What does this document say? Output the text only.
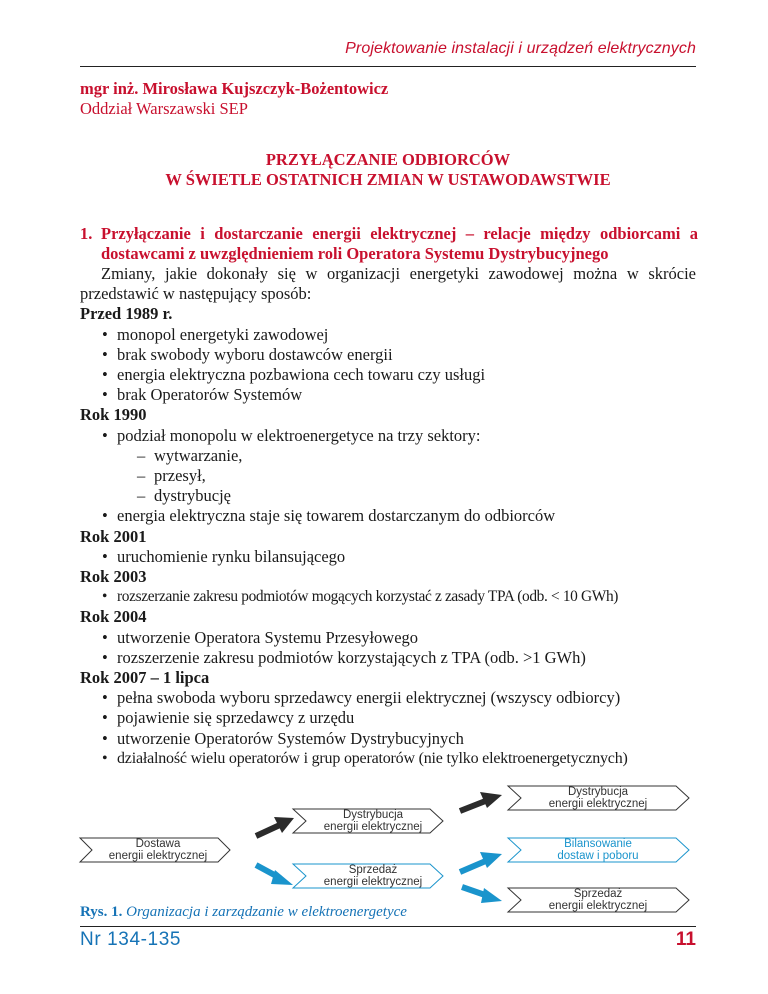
Projektowanie instalacji i urządzeń elektrycznych
mgr inż. Mirosława Kujszczyk-Bożentowicz
Oddział Warszawski SEP
PRZYŁĄCZANIE ODBIORCÓW
W ŚWIETLE OSTATNICH ZMIAN W USTAWODAWSTWIE
1. Przyłączanie i dostarczanie energii elektrycznej – relacje między odbiorcami a dostawcami z uwzględnieniem roli Operatora Systemu Dystrybucyjnego

Zmiany, jakie dokonały się w organizacji energetyki zawodowej można w skrócie przedstawić w następujący sposób:

Przed 1989 r.

• monopol energetyki zawodowej
• brak swobody wyboru dostawców energii
• energia elektryczna pozbawiona cech towaru czy usługi
• brak Operatorów Systemów

Rok 1990

• podział monopolu w elektroenergetyce na trzy sektory:
– wytwarzanie,
– przesył,
– dystrybucję
• energia elektryczna staje się towarem dostarczanym do odbiorców

Rok 2001

• uruchomienie rynku bilansującego

Rok 2003

• rozszerzanie zakresu podmiotów mogących korzystać z zasady TPA (odb. < 10 GWh)

Rok 2004

• utworzenie Operatora Systemu Przesyłowego
• rozszerzenie zakresu podmiotów korzystających z TPA (odb. >1 GWh)

Rok 2007 – 1 lipca

• pełna swoboda wyboru sprzedawcy energii elektrycznej (wszyscy odbiorcy)
• pojawienie się sprzedawcy z urzędu
• utworzenie Operatorów Systemów Dystrybucyjnych
• działalność wielu operatorów i grup operatorów (nie tylko elektroenergetycznych)
Dostawa
energii elektrycznej
Dystrybucja
energii elektrycznej
Sprzedaż
energii elektrycznej
Dystrybucja
energii elektrycznej
Bilansowanie
dostaw i poboru
Sprzedaż
energii elektrycznej
Rys. 1. Organizacja i zarządzanie w elektroenergetyce
Nr 134-135	11
